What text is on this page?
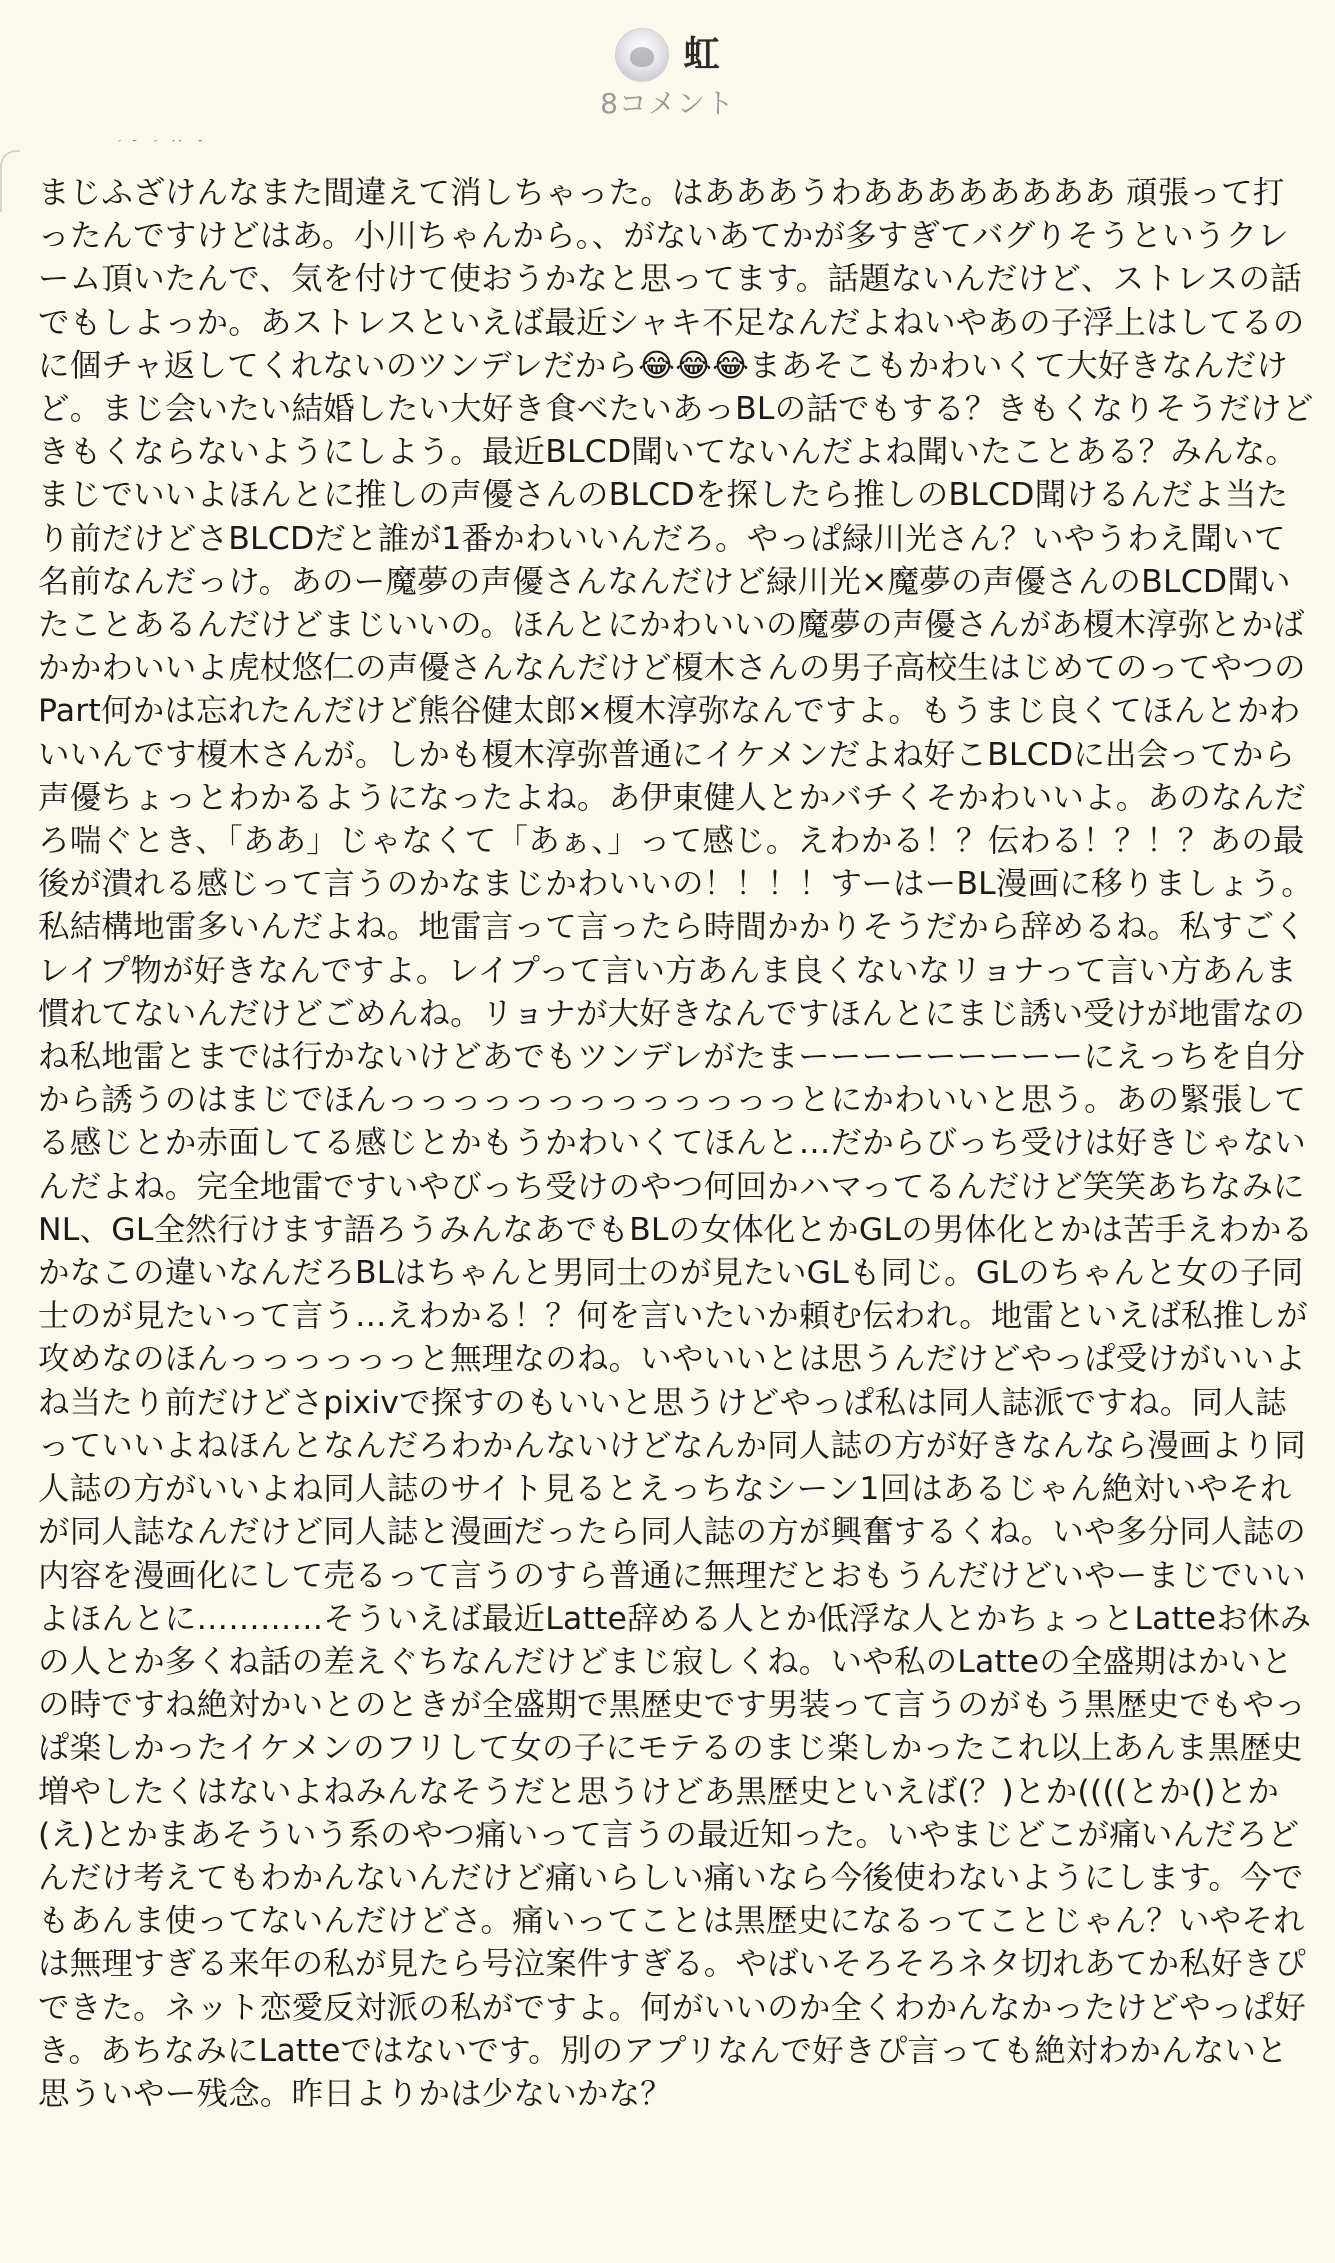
虹
8コメント
まじふざけんなまた間違えて消しちゃった。はあああうわああああああああ 頑張って打ったんですけどはあ。小川ちゃんから。、がないあてかが多すぎてバグりそうというクレーム頂いたんで、気を付けて使おうかなと思ってます。話題ないんだけど、ストレスの話でもしよっか。あストレスといえば最近シャキ不足なんだよねいやあの子浮上はしてるのに個チャ返してくれないのツンデレだから😂😂😂まあそこもかわいくて大好きなんだけど。まじ会いたい結婚したい大好き食べたいあっBLの話でもする？きもくなりそうだけどきもくならないようにしよう。最近BLCD聞いてないんだよね聞いたことある？みんな。まじでいいよほんとに推しの声優さんのBLCDを探したら推しのBLCD聞けるんだよ当たり前だけどさBLCDだと誰が1番かわいいんだろ。やっぱ緑川光さん？いやうわえ聞いて名前なんだっけ。あのー魔夢の声優さんなんだけど緑川光×魔夢の声優さんのBLCD聞いたことあるんだけどまじいいの。ほんとにかわいいの魔夢の声優さんがあ榎木淳弥とかばかかわいいよ虎杖悠仁の声優さんなんだけど榎木さんの男子高校生はじめてのってやつのPart何かは忘れたんだけど熊谷健太郎×榎木淳弥なんですよ。もうまじ良くてほんとかわいいんです榎木さんが。しかも榎木淳弥普通にイケメンだよね好こBLCDに出会ってから声優ちょっとわかるようになったよね。あ伊東健人とかバチくそかわいいよ。あのなんだろ喘ぐとき、「ああ」じゃなくて「あぁ、」って感じ。えわかる！？伝わる！？！？あの最後が潰れる感じって言うのかなまじかわいいの！！！！すーはーBL漫画に移りましょう。私結構地雷多いんだよね。地雷言って言ったら時間かかりそうだから辞めるね。私すごくレイプ物が好きなんですよ。レイプって言い方あんま良くないなリョナって言い方あんま慣れてないんだけどごめんね。リョナが大好きなんですほんとにまじ誘い受けが地雷なのね私地雷とまでは行かないけどあでもツンデレがたまーーーーーーーーーにえっちを自分から誘うのはまじでほんっっっっっっっっっっっっっとにかわいいと思う。あの緊張してる感じとか赤面してる感じとかもうかわいくてほんと…だからびっち受けは好きじゃないんだよね。完全地雷ですいやびっち受けのやつ何回かハマってるんだけど笑笑あちなみにNL、GL全然行けます語ろうみんなあでもBLの女体化とかGLの男体化とかは苦手えわかるかなこの違いなんだろBLはちゃんと男同士のが見たいGLも同じ。GLのちゃんと女の子同士のが見たいって言う…えわかる！？何を言いたいか頼む伝われ。地雷といえば私推しが攻めなのほんっっっっっっと無理なのね。いやいいとは思うんだけどやっぱ受けがいいよね当たり前だけどさpixivで探すのもいいと思うけどやっぱ私は同人誌派ですね。同人誌っていいよねほんとなんだろわかんないけどなんか同人誌の方が好きなんなら漫画より同人誌の方がいいよね同人誌のサイト見るとえっちなシーン1回はあるじゃん絶対いやそれが同人誌なんだけど同人誌と漫画だったら同人誌の方が興奮するくね。いや多分同人誌の内容を漫画化にして売るって言うのすら普通に無理だとおもうんだけどいやーまじでいいよほんとに…………そういえば最近Latte辞める人とか低浮な人とかちょっとLatteお休みの人とか多くね話の差えぐちなんだけどまじ寂しくね。いや私のLatteの全盛期はかいとの時ですね絶対かいとのときが全盛期で黒歴史です男装って言うのがもう黒歴史でもやっぱ楽しかったイケメンのフリして女の子にモテるのまじ楽しかったこれ以上あんま黒歴史増やしたくはないよねみんなそうだと思うけどあ黒歴史といえば(？)とか((((とか()とか(え)とかまあそういう系のやつ痛いって言うの最近知った。いやまじどこが痛いんだろどんだけ考えてもわかんないんだけど痛いらしい痛いなら今後使わないようにします。今でもあんま使ってないんだけどさ。痛いってことは黒歴史になるってことじゃん？いやそれは無理すぎる来年の私が見たら号泣案件すぎる。やばいそろそろネタ切れあてか私好きぴできた。ネット恋愛反対派の私がですよ。何がいいのか全くわかんなかったけどやっぱ好き。あちなみにLatteではないです。別のアプリなんで好きぴ言っても絶対わかんないと思ういやー残念。昨日よりかは少ないかな？
